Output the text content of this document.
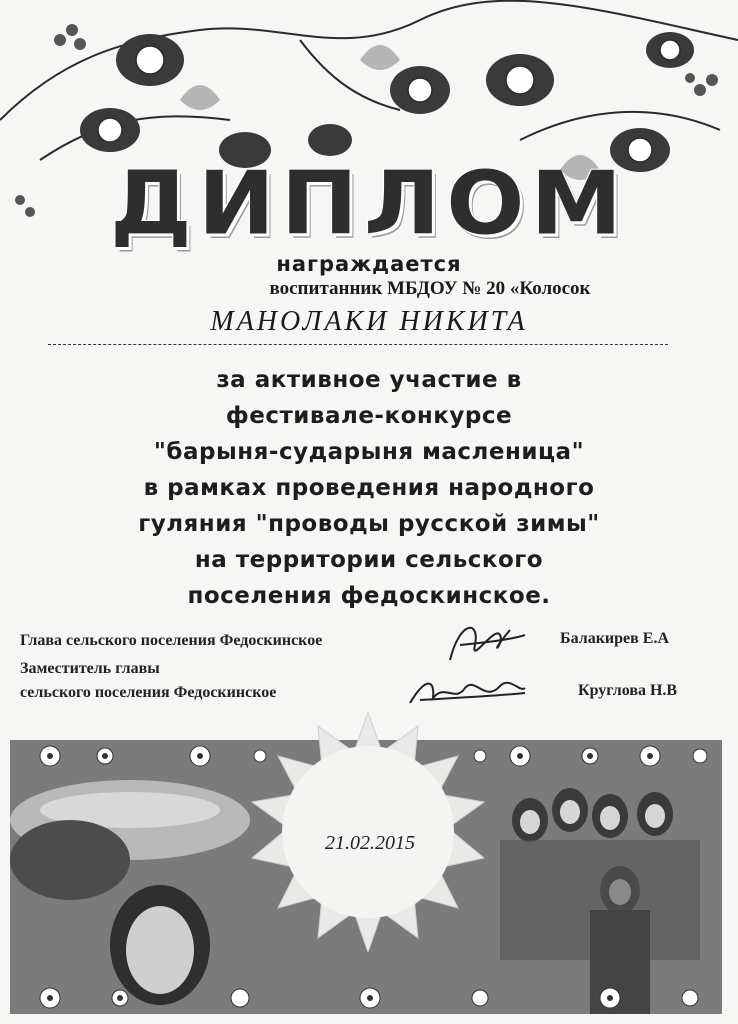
ДИПЛОМ
награждается
воспитанник МБДОУ № 20 «Колосок
МАНОЛАКИ НИКИТА
за активное участие в
фестивале-конкурсе
"барыня-сударыня масленица"
в рамках проведения народного
гуляния "проводы русской зимы"
на территории сельского
поселения федоскинское.
Глава сельского поселения Федоскинское	Балакирев Е.А
Заместитель главы
сельского поселения Федоскинское	Круглова Н.В
21.02.2015
